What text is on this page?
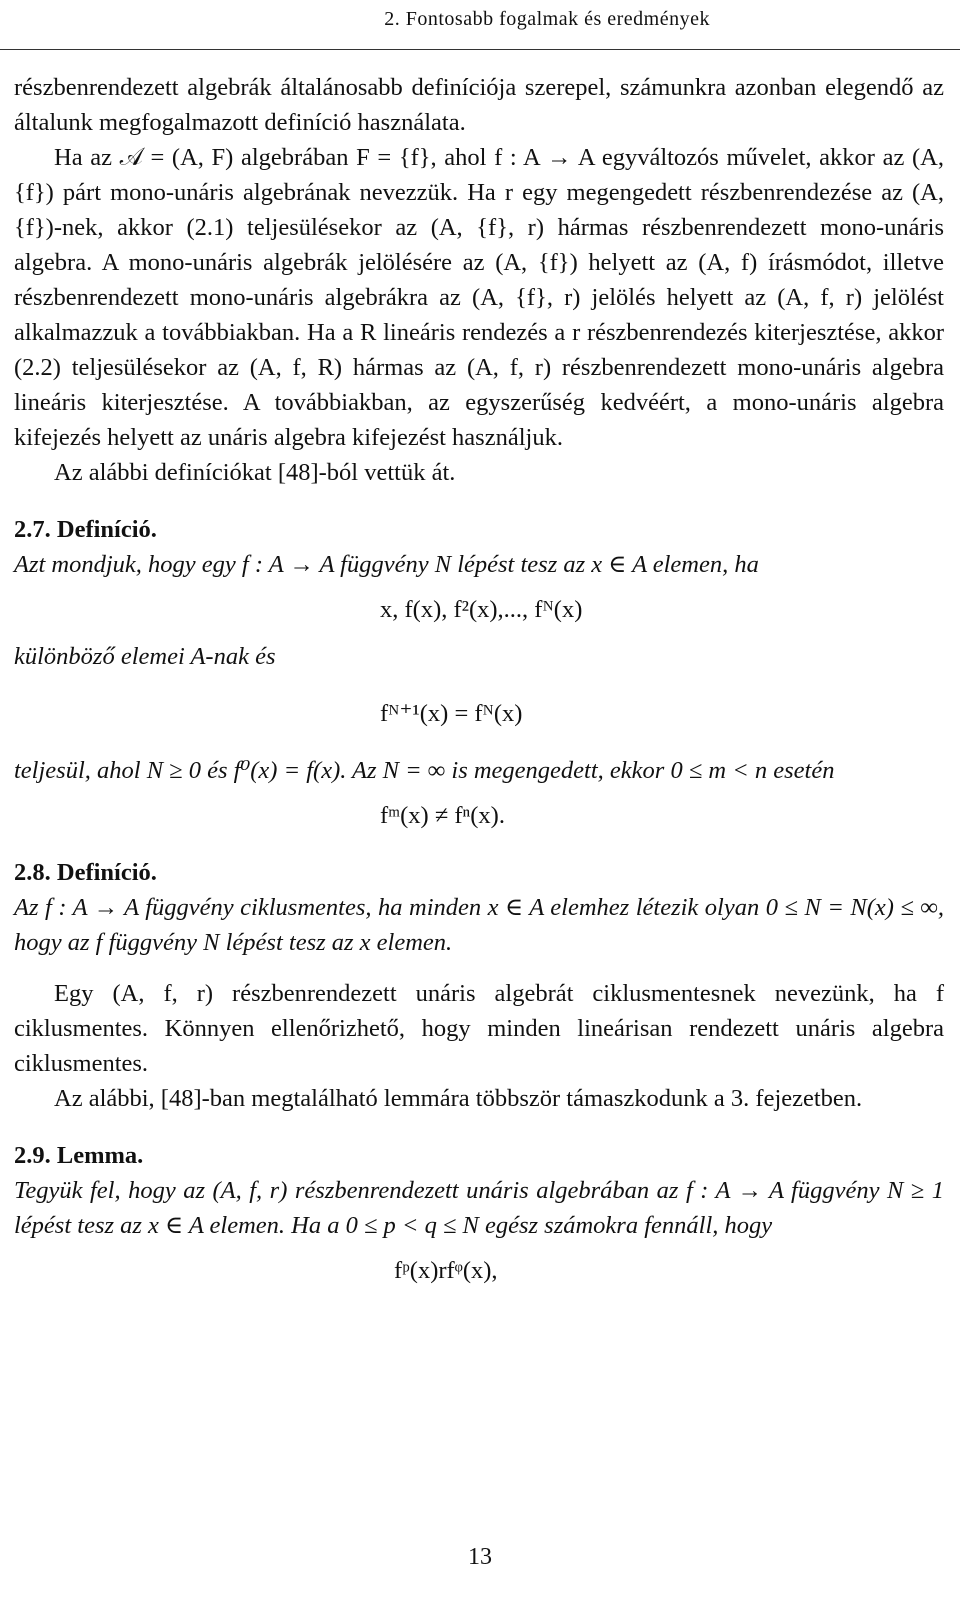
2. Fontosabb fogalmak és eredmények

részbenrendezett algebrák általánosabb definíciója szerepel, számunkra azonban elegendő az általunk megfogalmazott definíció használata.

Ha az 𝒜 = (A, F) algebrában F = {f}, ahol f : A → A egyváltozós művelet, akkor az (A, {f}) párt mono-unáris algebrának nevezzük. Ha r egy megengedett részbenrendezése az (A, {f})-nek, akkor (2.1) teljesülésekor az (A, {f}, r) hármas részbenrendezett mono-unáris algebra. A mono-unáris algebrák jelölésére az (A, {f}) helyett az (A, f) írásmódot, illetve részbenrendezett mono-unáris algebrákra az (A, {f}, r) jelölés helyett az (A, f, r) jelölést alkalmazzuk a továbbiakban. Ha a R lineáris rendezés a r részbenrendezés kiterjesztése, akkor (2.2) teljesülésekor az (A, f, R) hármas az (A, f, r) részbenrendezett mono-unáris algebra lineáris kiterjesztése. A továbbiakban, az egyszerűség kedvéért, a mono-unáris algebra kifejezés helyett az unáris algebra kifejezést használjuk.

Az alábbi definíciókat [48]-ból vettük át.

2.7. Definíció.

Azt mondjuk, hogy egy f : A → A függvény N lépést tesz az x ∈ A elemen, ha

x, f(x), f²(x),..., fᴺ(x)

különböző elemei A-nak és

fᴺ⁺¹(x) = fᴺ(x)

teljesül, ahol N ≥ 0 és f⁰(x) = f(x). Az N = ∞ is megengedett, ekkor 0 ≤ m < n esetén

fᵐ(x) ≠ fⁿ(x).

2.8. Definíció.

Az f : A → A függvény ciklusmentes, ha minden x ∈ A elemhez létezik olyan 0 ≤ N = N(x) ≤ ∞, hogy az f függvény N lépést tesz az x elemen.

Egy (A, f, r) részbenrendezett unáris algebrát ciklusmentesnek nevezünk, ha f ciklusmentes. Könnyen ellenőrizhető, hogy minden lineárisan rendezett unáris algebra ciklusmentes.

Az alábbi, [48]-ban megtalálható lemmára többször támaszkodunk a 3. fejezetben.

2.9. Lemma.

Tegyük fel, hogy az (A, f, r) részbenrendezett unáris algebrában az f : A → A függvény N ≥ 1 lépést tesz az x ∈ A elemen. Ha a 0 ≤ p < q ≤ N egész számokra fennáll, hogy

fᵖ(x)rfᵠ(x),

13
